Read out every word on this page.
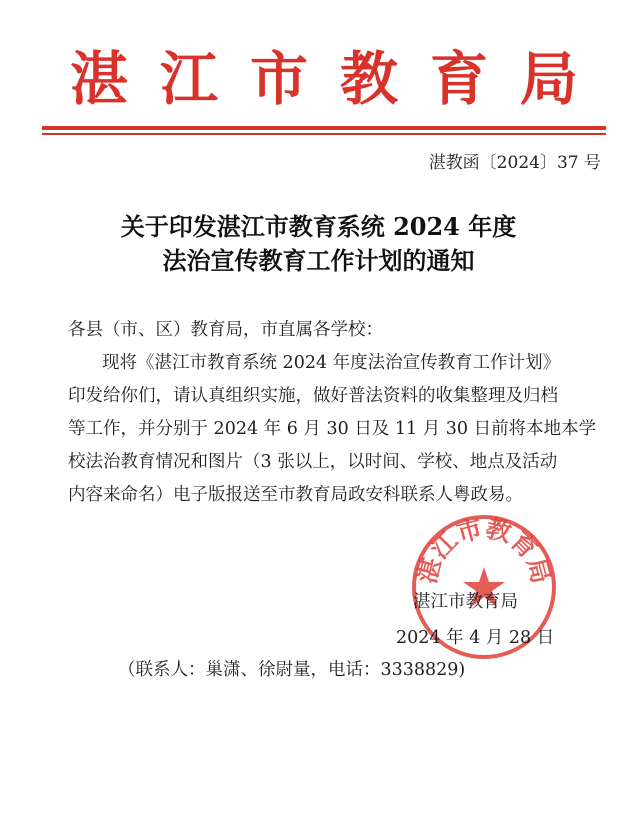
湛 江 市 教 育 局
湛教函〔2024〕37 号
关于印发湛江市教育系统 2024 年度
法治宣传教育工作计划的通知
各县（市、区）教育局，市直属各学校：
现将《湛江市教育系统 2024 年度法治宣传教育工作计划》
印发给你们，请认真组织实施，做好普法资料的收集整理及归档
等工作，并分别于 2024 年 6 月 30 日及 11 月 30 日前将本地本学
校法治教育情况和图片（3 张以上，以时间、学校、地点及活动
内容来命名）电子版报送至市教育局政安科联系人粤政易。
湛江市教育局
湛江市教育局
2024 年 4 月 28 日
（联系人：巢潇、徐尉量，电话：3338829)
